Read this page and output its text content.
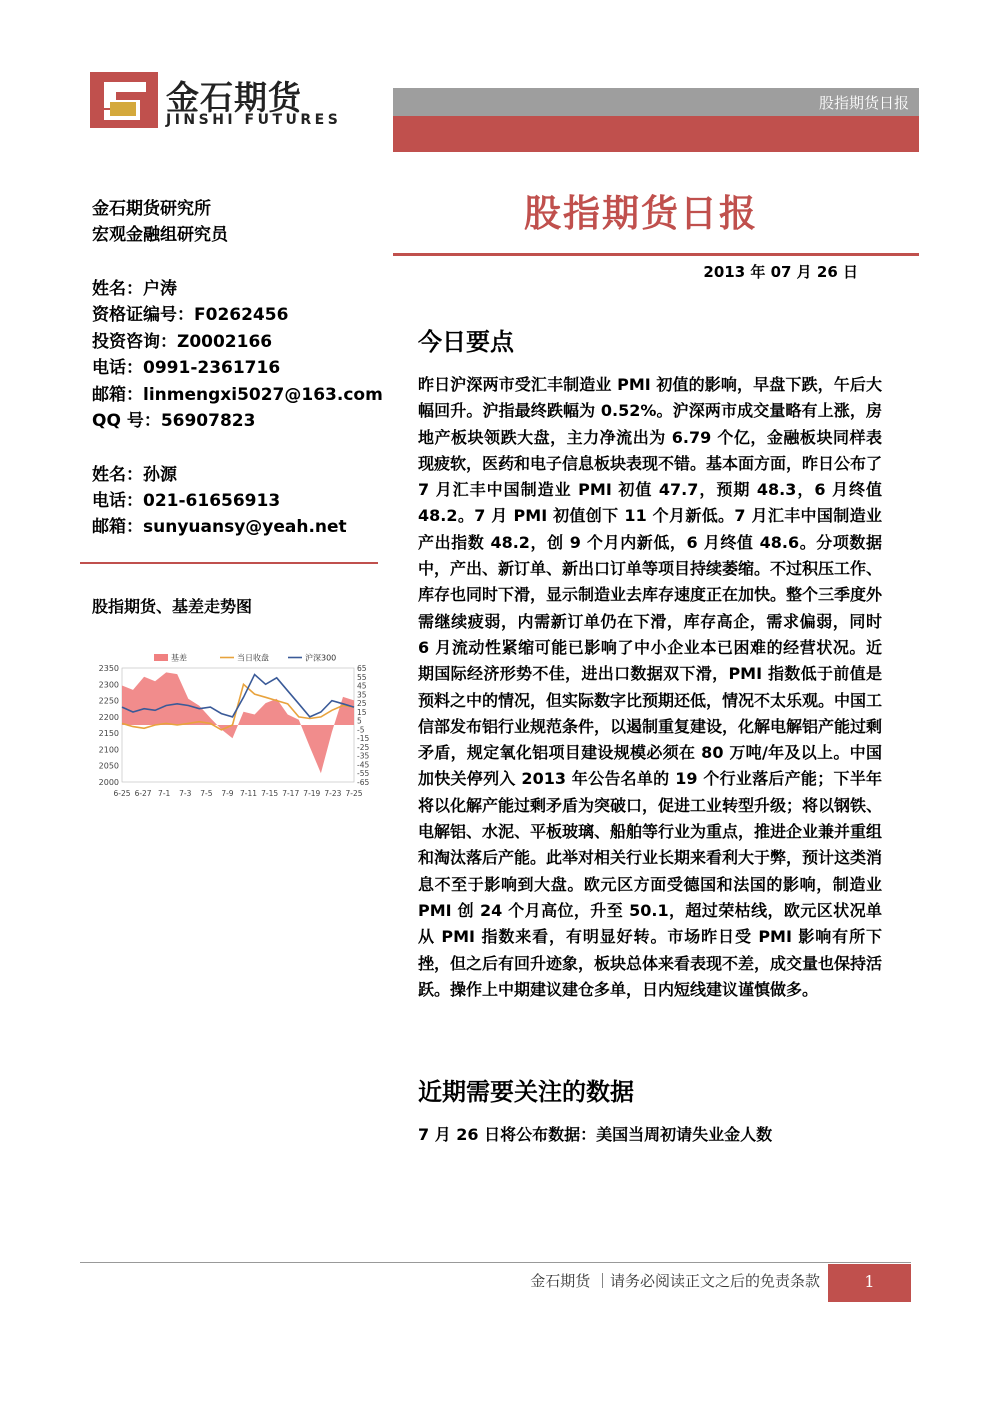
金石期货
JINSHI FUTURES
股指期货日报
股指期货日报
2013 年 07 月 26 日
金石期货研究所
宏观金融组研究员
姓名：户涛
资格证编号：F0262456
投资咨询：Z0002166
电话：0991-2361716
邮箱：linmengxi5027@163.com
QQ 号：56907823
姓名：孙源
电话：021-61656913
邮箱：sunyuansy@yeah.net
股指期货、基差走势图
2350
2300
2250
2200
2150
2100
2050
2000
65
55
45
35
25
15
5
-5
-15
-25
-35
-45
-55
-65
6-25 6-27 7-1 7-3 7-5 7-9 7-11 7-15 7-17 7-19 7-23 7-25
基差	当日收盘	沪深300
今日要点
昨日沪深两市受汇丰制造业 PMI 初值的影响，早盘下跌，午后大幅回升。沪指最终跌幅为 0.52%。沪深两市成交量略有上涨，房地产板块领跌大盘，主力净流出为 6.79 个亿，金融板块同样表现疲软，医药和电子信息板块表现不错。基本面方面，昨日公布了 7 月汇丰中国制造业 PMI 初值 47.7，预期 48.3，6 月终值 48.2。7 月 PMI 初值创下 11 个月新低。7 月汇丰中国制造业产出指数 48.2，创 9 个月内新低，6 月终值 48.6。分项数据中，产出、新订单、新出口订单等项目持续萎缩。不过积压工作、库存也同时下滑，显示制造业去库存速度正在加快。整个三季度外需继续疲弱，内需新订单仍在下滑，库存高企，需求偏弱，同时 6 月流动性紧缩可能已影响了中小企业本已困难的经营状况。近期国际经济形势不佳，进出口数据双下滑，PMI 指数低于前值是预料之中的情况，但实际数字比预期还低，情况不太乐观。中国工信部发布铝行业规范条件，以遏制重复建设，化解电解铝产能过剩矛盾，规定氧化铝项目建设规模必须在 80 万吨/年及以上。中国加快关停列入 2013 年公告名单的 19 个行业落后产能；下半年将以化解产能过剩矛盾为突破口，促进工业转型升级；将以钢铁、电解铝、水泥、平板玻璃、船舶等行业为重点，推进企业兼并重组和淘汰落后产能。此举对相关行业长期来看利大于弊，预计这类消息不至于影响到大盘。欧元区方面受德国和法国的影响，制造业 PMI 创 24 个月高位，升至 50.1，超过荣枯线，欧元区状况单从 PMI 指数来看，有明显好转。市场昨日受 PMI 影响有所下挫，但之后有回升迹象，板块总体来看表现不差，成交量也保持活跃。操作上中期建议建仓多单，日内短线建议谨慎做多。
近期需要关注的数据
7 月 26 日将公布数据：美国当周初请失业金人数
金石期货 ｜请务必阅读正文之后的免责条款	1
